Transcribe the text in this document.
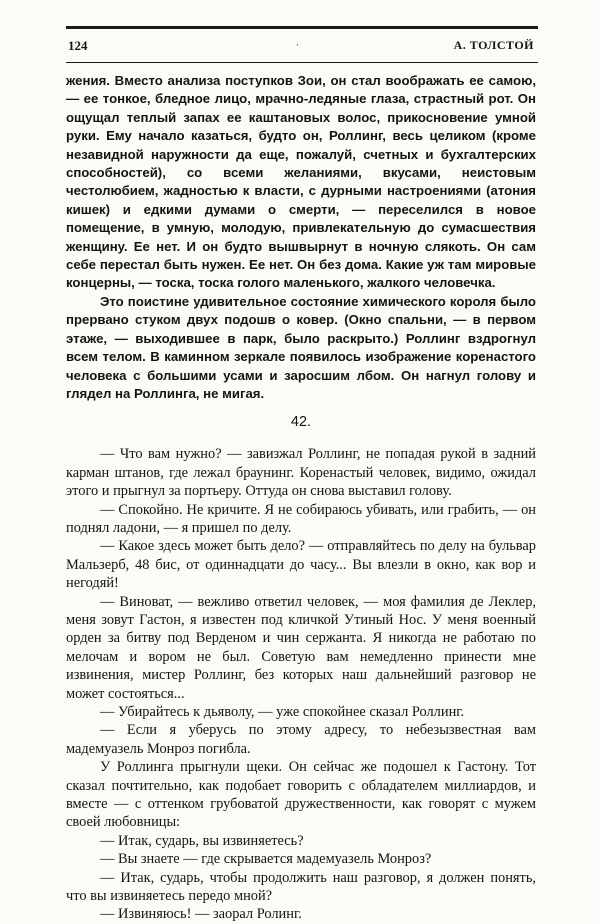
124	·	А. ТОЛСТОЙ

жения. Вместо анализа поступков Зои, он стал воображать ее самою, — ее тонкое, бледное лицо, мрачно-ледяные глаза, страстный рот. Он ощущал теплый запах ее каштановых волос, прикосновение умной руки. Ему начало казаться, будто он, Роллинг, весь целиком (кроме незавидной наружности да еще, пожалуй, счетных и бухгалтерских способностей), со всеми желаниями, вкусами, неистовым честолюбием, жадностью к власти, с дурными настроениями (атония кишек) и едкими думами о смерти, — переселился в новое помещение, в умную, молодую, привлекательную до сумасшествия женщину. Ее нет. И он будто вышвырнут в ночную слякоть. Он сам себе перестал быть нужен. Ее нет. Он без дома. Какие уж там мировые концерны, — тоска, тоска голого маленького, жалкого человечка.

Это поистине удивительное состояние химического короля было прервано стуком двух подошв о ковер. (Окно спальни, — в первом этаже, — выходившее в парк, было раскрыто.) Роллинг вздрогнул всем телом. В каминном зеркале появилось изображение коренастого человека с большими усами и заросшим лбом. Он нагнул голову и глядел на Роллинга, не мигая.

42.

— Что вам нужно? — завизжал Роллинг, не попадая рукой в задний карман штанов, где лежал браунинг. Коренастый человек, видимо, ожидал этого и прыгнул за портьеру. Оттуда он снова выставил голову.

— Спокойно. Не кричите. Я не собираюсь убивать, или грабить, — он поднял ладони, — я пришел по делу.

— Какое здесь может быть дело? — отправляйтесь по делу на бульвар Мальзерб, 48 бис, от одиннадцати до часу... Вы влезли в окно, как вор и негодяй!

— Виноват, — вежливо ответил человек, — моя фамилия де Леклер, меня зовут Гастон, я известен под кличкой Утиный Нос. У меня военный орден за битву под Верденом и чин сержанта. Я никогда не работаю по мелочам и вором не был. Советую вам немедленно принести мне извинения, мистер Роллинг, без которых наш дальнейший разговор не может состояться...

— Убирайтесь к дьяволу, — уже спокойнее сказал Роллинг.

— Если я уберусь по этому адресу, то небезызвестная вам мадемуазель Монроз погибла.

У Роллинга прыгнули щеки. Он сейчас же подошел к Гастону. Тот сказал почтительно, как подобает говорить с обладателем миллиардов, и вместе — с оттенком грубоватой дружественности, как говорят с мужем своей любовницы:

— Итак, сударь, вы извиняетесь?

— Вы знаете — где скрывается мадемуазель Монроз?

— Итак, сударь, чтобы продолжить наш разговор, я должен понять, что вы извиняетесь передо мной?

— Извиняюсь! — заорал Ролинг.
